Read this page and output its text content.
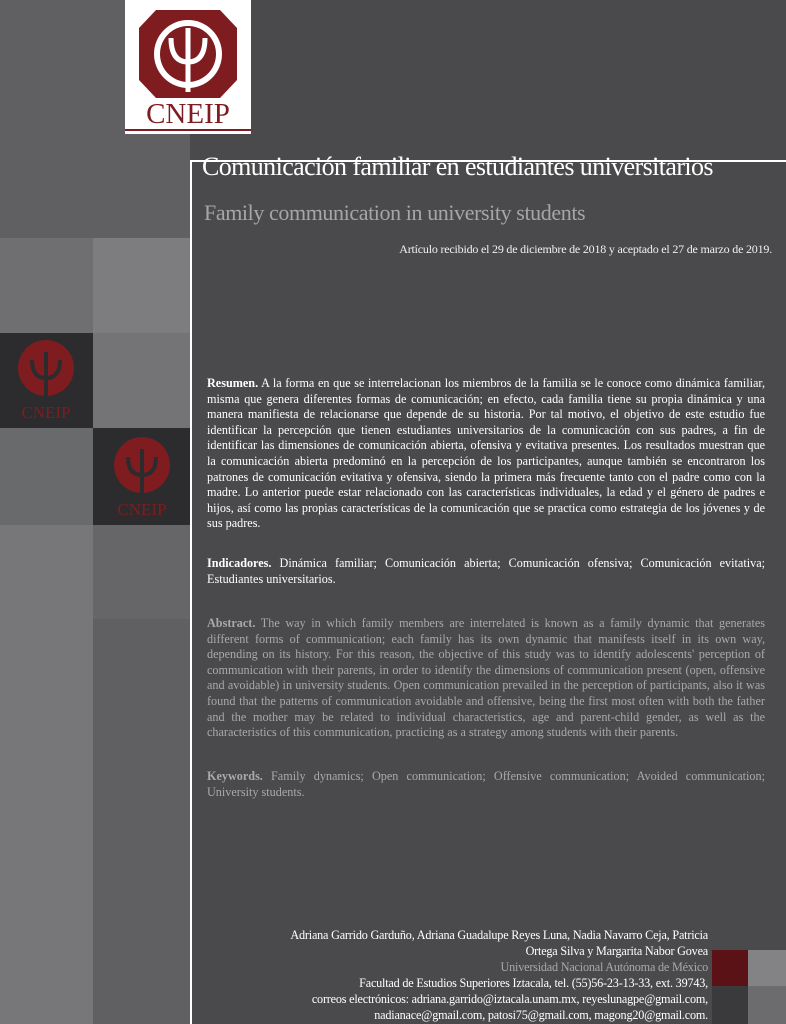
CNEIP
CNEIP
CNEIP
Comunicación familiar en estudiantes universitarios
Family communication in university students
Artículo recibido el 29 de diciembre de 2018 y aceptado el 27 de marzo de 2019.
Resumen. A la forma en que se interrelacionan los miembros de la familia se le conoce como dinámica familiar, misma que genera diferentes formas de comunicación; en efecto, cada familia tiene su propia dinámica y una manera manifiesta de relacionarse que depende de su historia. Por tal motivo, el objetivo de este estudio fue identificar la percepción que tienen estudiantes universitarios de la comunicación con sus padres, a fin de identificar las dimensiones de comunicación abierta, ofensiva y evitativa presentes. Los resultados muestran que la comunicación abierta predominó en la percepción de los participantes, aunque también se encontraron los patrones de comunicación evitativa y ofensiva, siendo la primera más frecuente tanto con el padre como con la madre. Lo anterior puede estar relacionado con las características individuales, la edad y el género de padres e hijos, así como las propias características de la comunicación que se practica como estrategia de los jóvenes y de sus padres.
Indicadores. Dinámica familiar; Comunicación abierta; Comunicación ofensiva; Comunicación evitativa; Estudiantes universitarios.
Abstract. The way in which family members are interrelated is known as a family dynamic that generates different forms of communication; each family has its own dynamic that manifests itself in its own way, depending on its history. For this reason, the objective of this study was to identify adolescents' perception of communication with their parents, in order to identify the dimensions of communication present (open, offensive and avoidable) in university students. Open communication prevailed in the perception of participants, also it was found that the patterns of communication avoidable and offensive, being the first most often with both the father and the mother may be related to individual characteristics, age and parent-child gender, as well as the characteristics of this communication, practicing as a strategy among students with their parents.
Keywords. Family dynamics; Open communication; Offensive communication; Avoided communication; University students.
Adriana Garrido Garduño, Adriana Guadalupe Reyes Luna, Nadia Navarro Ceja, Patricia
Ortega Silva y Margarita Nabor Govea
Universidad Nacional Autónoma de México
Facultad de Estudios Superiores Iztacala, tel. (55)56-23-13-33, ext. 39743,
correos electrónicos: adriana.garrido@iztacala.unam.mx, reyeslunagpe@gmail.com,
nadianace@gmail.com, patosi75@gmail.com, magong20@gmail.com.
